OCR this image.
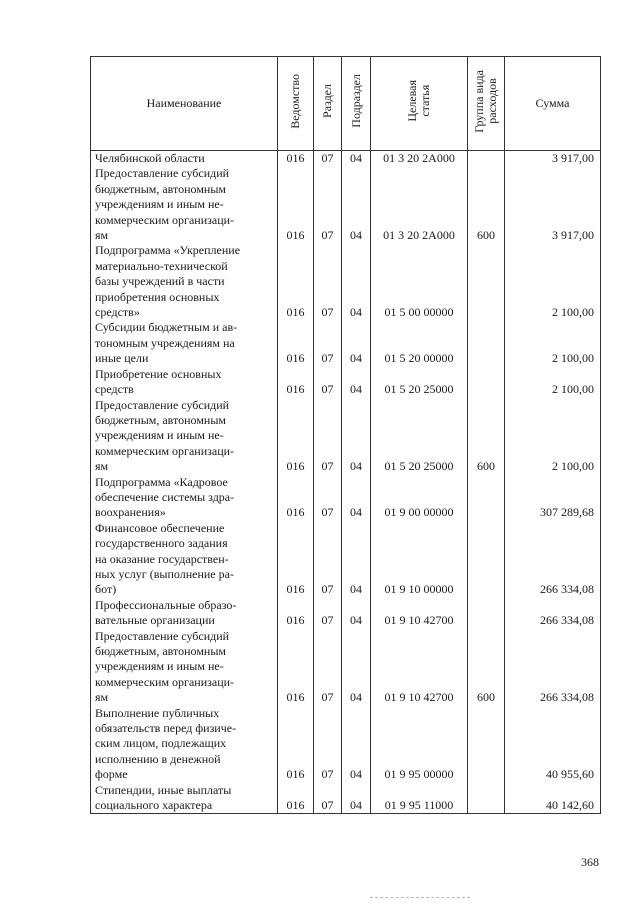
Наименование	Ведомство	Раздел	Подраздел	Целевая
статья	Группа вида
расходов	Сумма

Челябинской области	016	07	04	01 3 20 2A000		3 917,00

Предоставление субсидий
бюджетным, автономным
учреждениям и иным не-
коммерческим организаци-
ям	016	07	04	01 3 20 2A000	600	3 917,00

Подпрограмма «Укрепление
материально-технической
базы учреждений в части
приобретения основных
средств»	016	07	04	01 5 00 00000		2 100,00

Субсидии бюджетным и ав-
тономным учреждениям на
иные цели	016	07	04	01 5 20 00000		2 100,00

Приобретение основных
средств	016	07	04	01 5 20 25000		2 100,00

Предоставление субсидий
бюджетным, автономным
учреждениям и иным не-
коммерческим организаци-
ям	016	07	04	01 5 20 25000	600	2 100,00

Подпрограмма «Кадровое
обеспечение системы здра-
воохранения»	016	07	04	01 9 00 00000		307 289,68

Финансовое обеспечение
государственного задания
на оказание государствен-
ных услуг (выполнение ра-
бот)	016	07	04	01 9 10 00000		266 334,08

Профессиональные образо-
вательные организации	016	07	04	01 9 10 42700		266 334,08

Предоставление субсидий
бюджетным, автономным
учреждениям и иным не-
коммерческим организаци-
ям	016	07	04	01 9 10 42700	600	266 334,08

Выполнение публичных
обязательств перед физиче-
ским лицом, подлежащих
исполнению в денежной
форме	016	07	04	01 9 95 00000		40 955,60

Стипендии, иные выплаты
социального характера	016	07	04	01 9 95 11000		40 142,60
368
